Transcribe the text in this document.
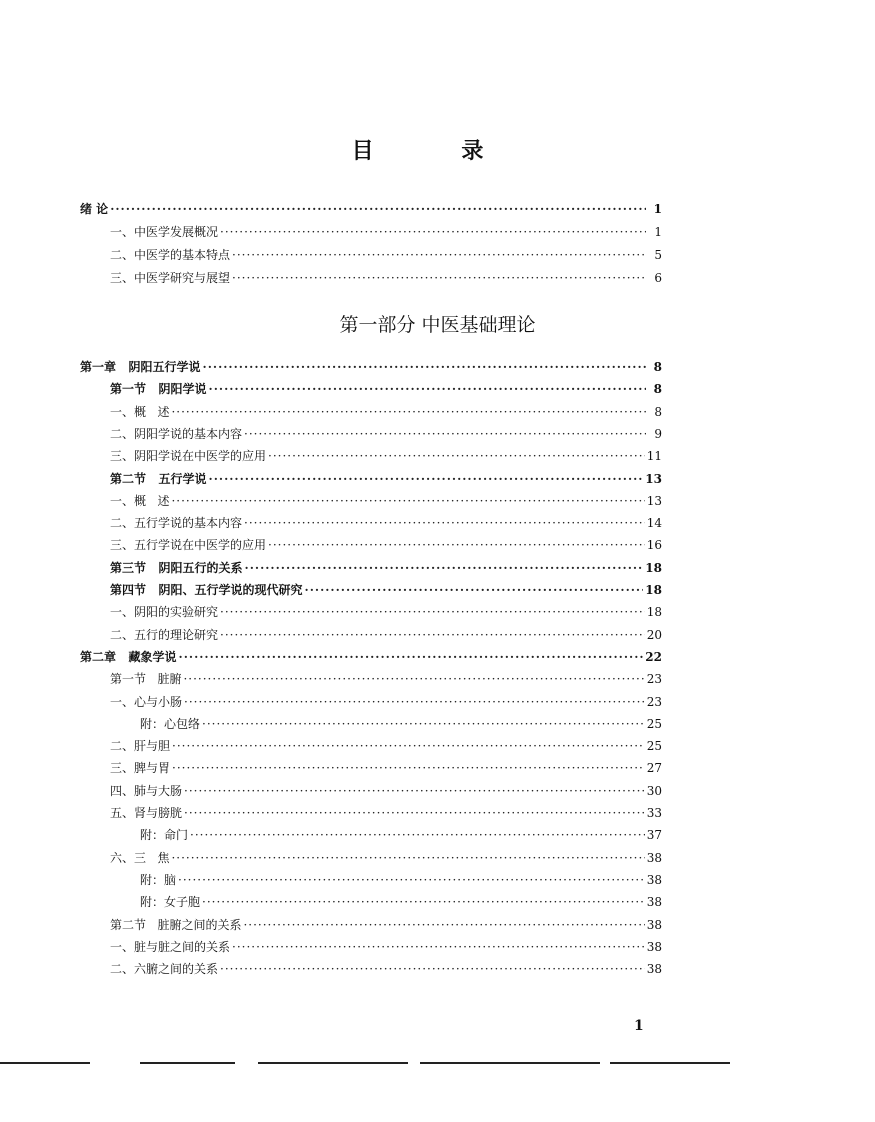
目 录
第一部分 中医基础理论
1
绪 论 ·····	1
一、中医学发展概况 ·····	1
二、中医学的基本特点 ·····	5
三、中医学研究与展望 ·····	6
第一章   阴阳五行学说 ·····	8
第一节   阴阳学说 ·····	8
一、概   述 ·····	8
二、阴阳学说的基本内容 ·····	9
三、阴阳学说在中医学的应用 ·····	11
第二节   五行学说 ·····	13
一、概   述 ·····	13
二、五行学说的基本内容 ·····	14
三、五行学说在中医学的应用 ·····	16
第三节   阴阳五行的关系 ·····	18
第四节   阴阳、五行学说的现代研究 ·····	18
一、阴阳的实验研究 ·····	18
二、五行的理论研究 ·····	20
第二章   藏象学说 ·····	22
第一节   脏腑 ·····	23
一、心与小肠 ·····	23
附：心包络 ·····	25
二、肝与胆 ·····	25
三、脾与胃 ·····	27
四、肺与大肠 ·····	30
五、肾与膀胱 ·····	33
附：命门 ·····	37
六、三   焦 ·····	38
附：脑 ·····	38
附：女子胞 ·····	38
第二节   脏腑之间的关系 ·····	38
一、脏与脏之间的关系 ·····	38
二、六腑之间的关系 ·····	38
